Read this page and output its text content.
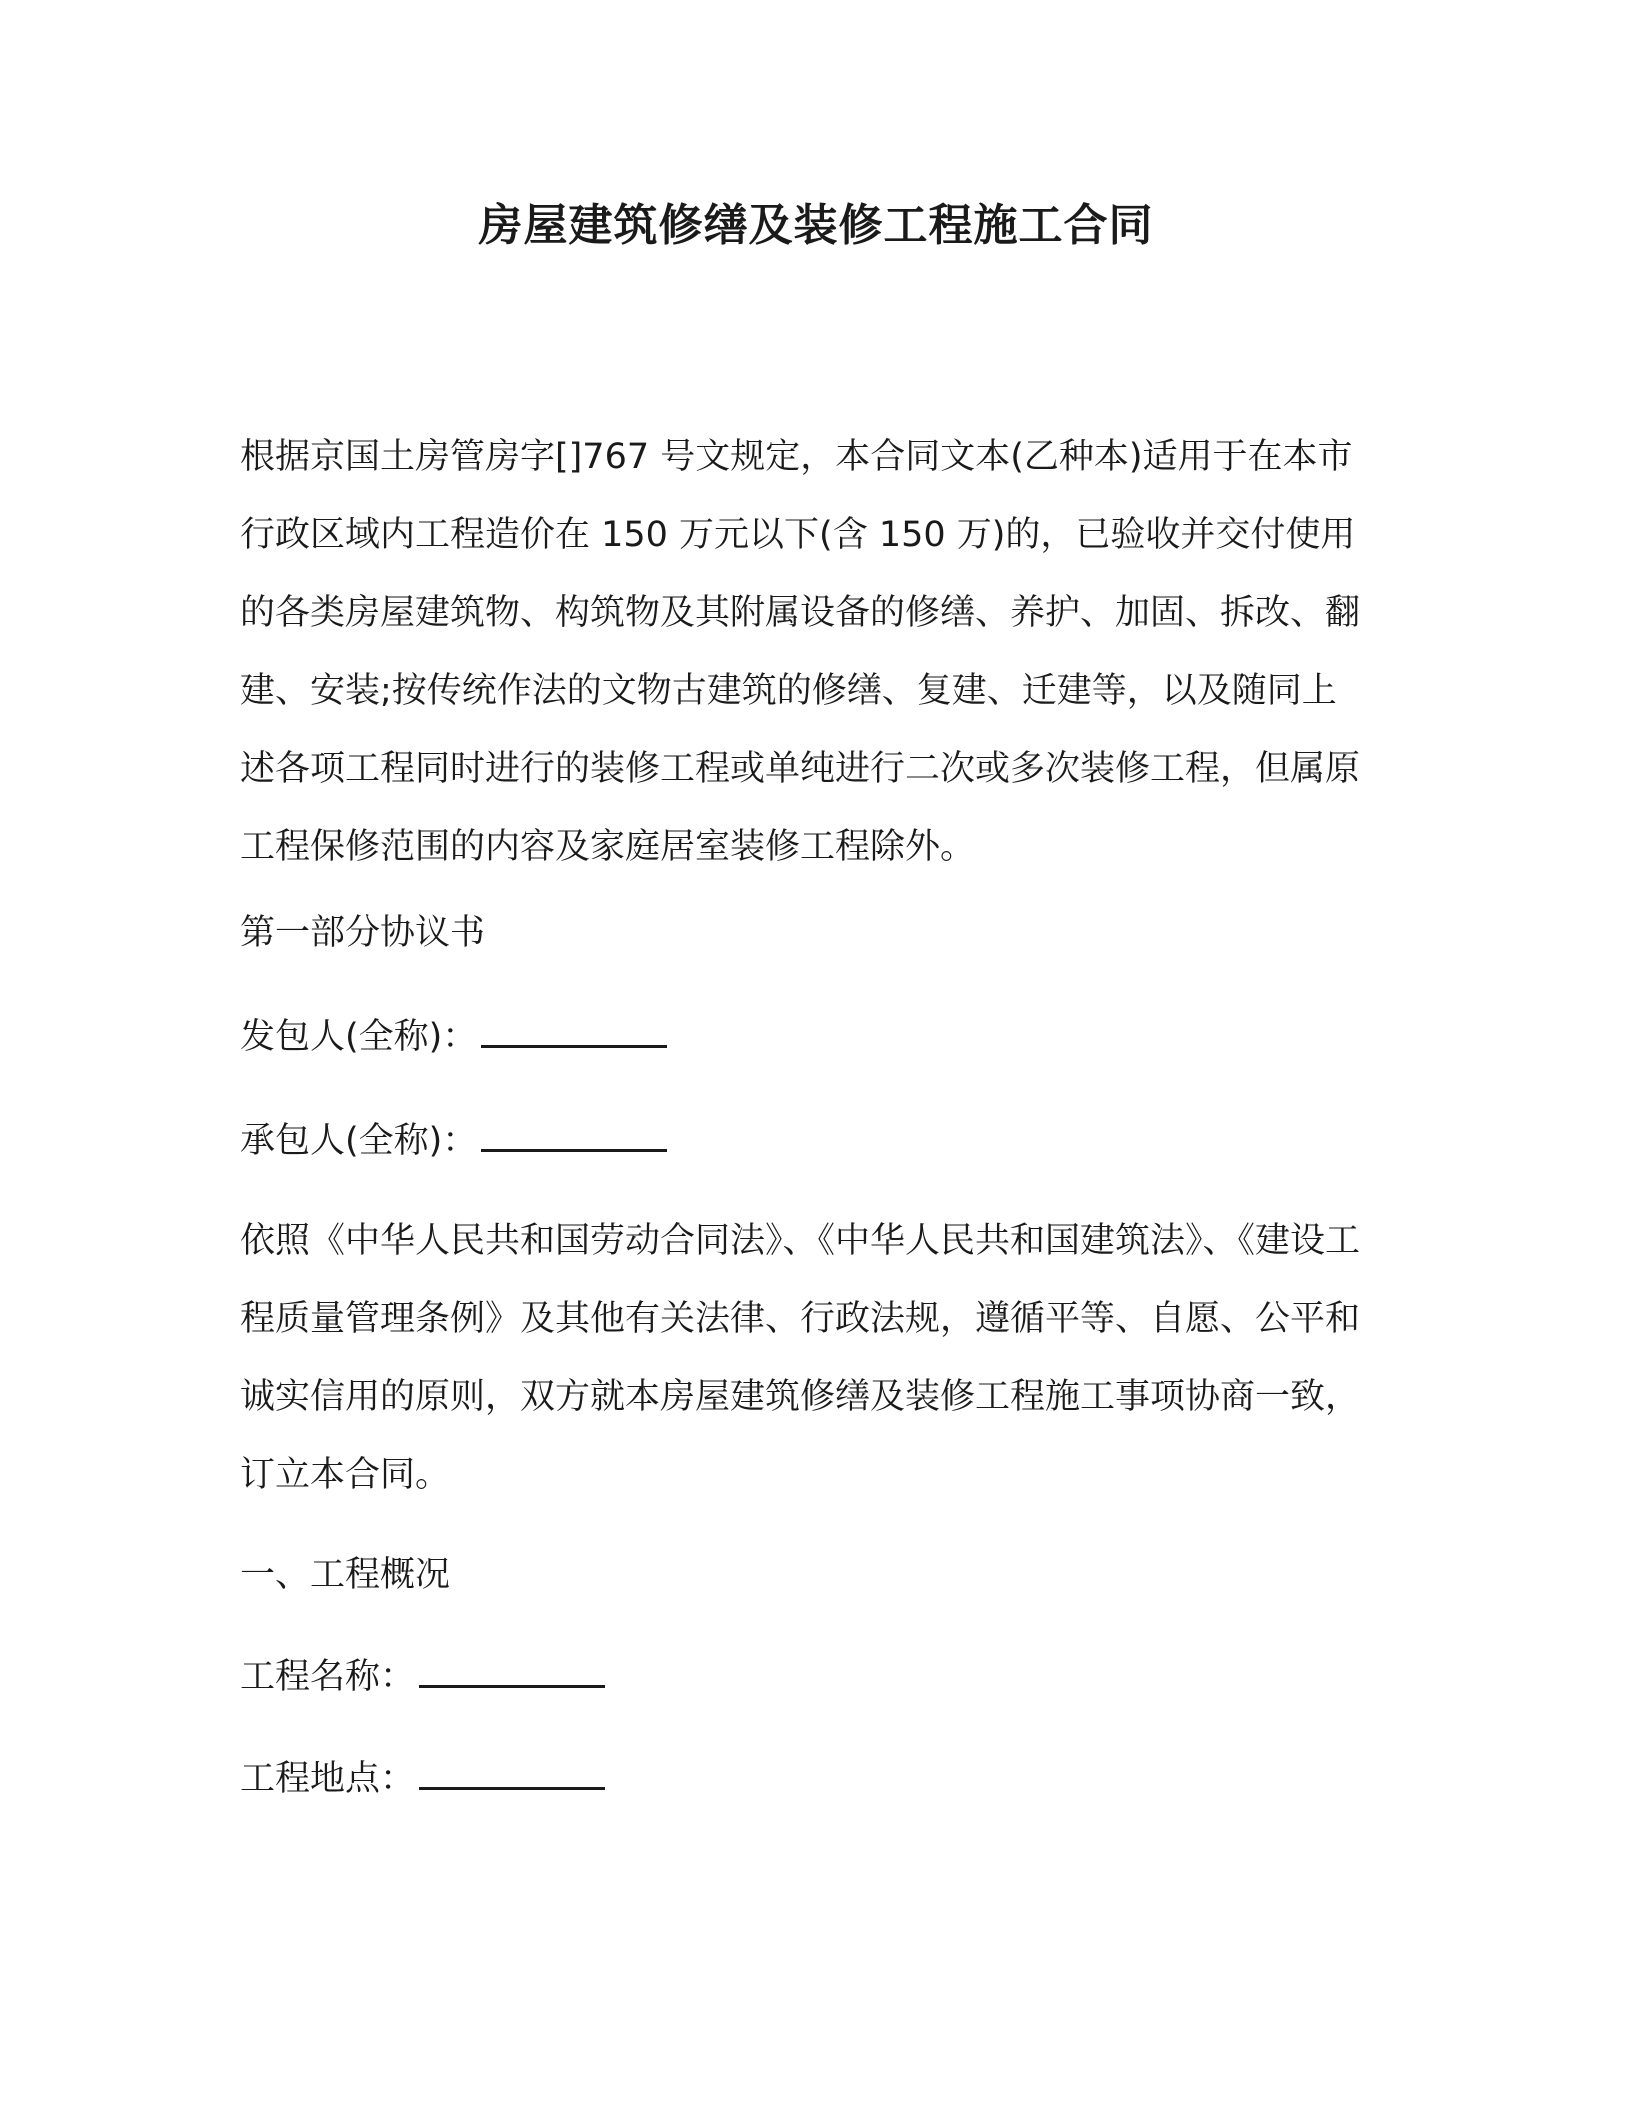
房屋建筑修缮及装修工程施工合同

根据京国土房管房字[]767 号文规定，本合同文本(乙种本)适用于在本市行政区域内工程造价在 150 万元以下(含 150 万)的，已验收并交付使用的各类房屋建筑物、构筑物及其附属设备的修缮、养护、加固、拆改、翻建、安装;按传统作法的文物古建筑的修缮、复建、迁建等，以及随同上述各项工程同时进行的装修工程或单纯进行二次或多次装修工程，但属原工程保修范围的内容及家庭居室装修工程除外。

第一部分协议书

发包人(全称)：

承包人(全称)：

依照《中华人民共和国劳动合同法》、《中华人民共和国建筑法》、《建设工程质量管理条例》及其他有关法律、行政法规，遵循平等、自愿、公平和诚实信用的原则，双方就本房屋建筑修缮及装修工程施工事项协商一致，订立本合同。

一、工程概况

工程名称：

工程地点：
